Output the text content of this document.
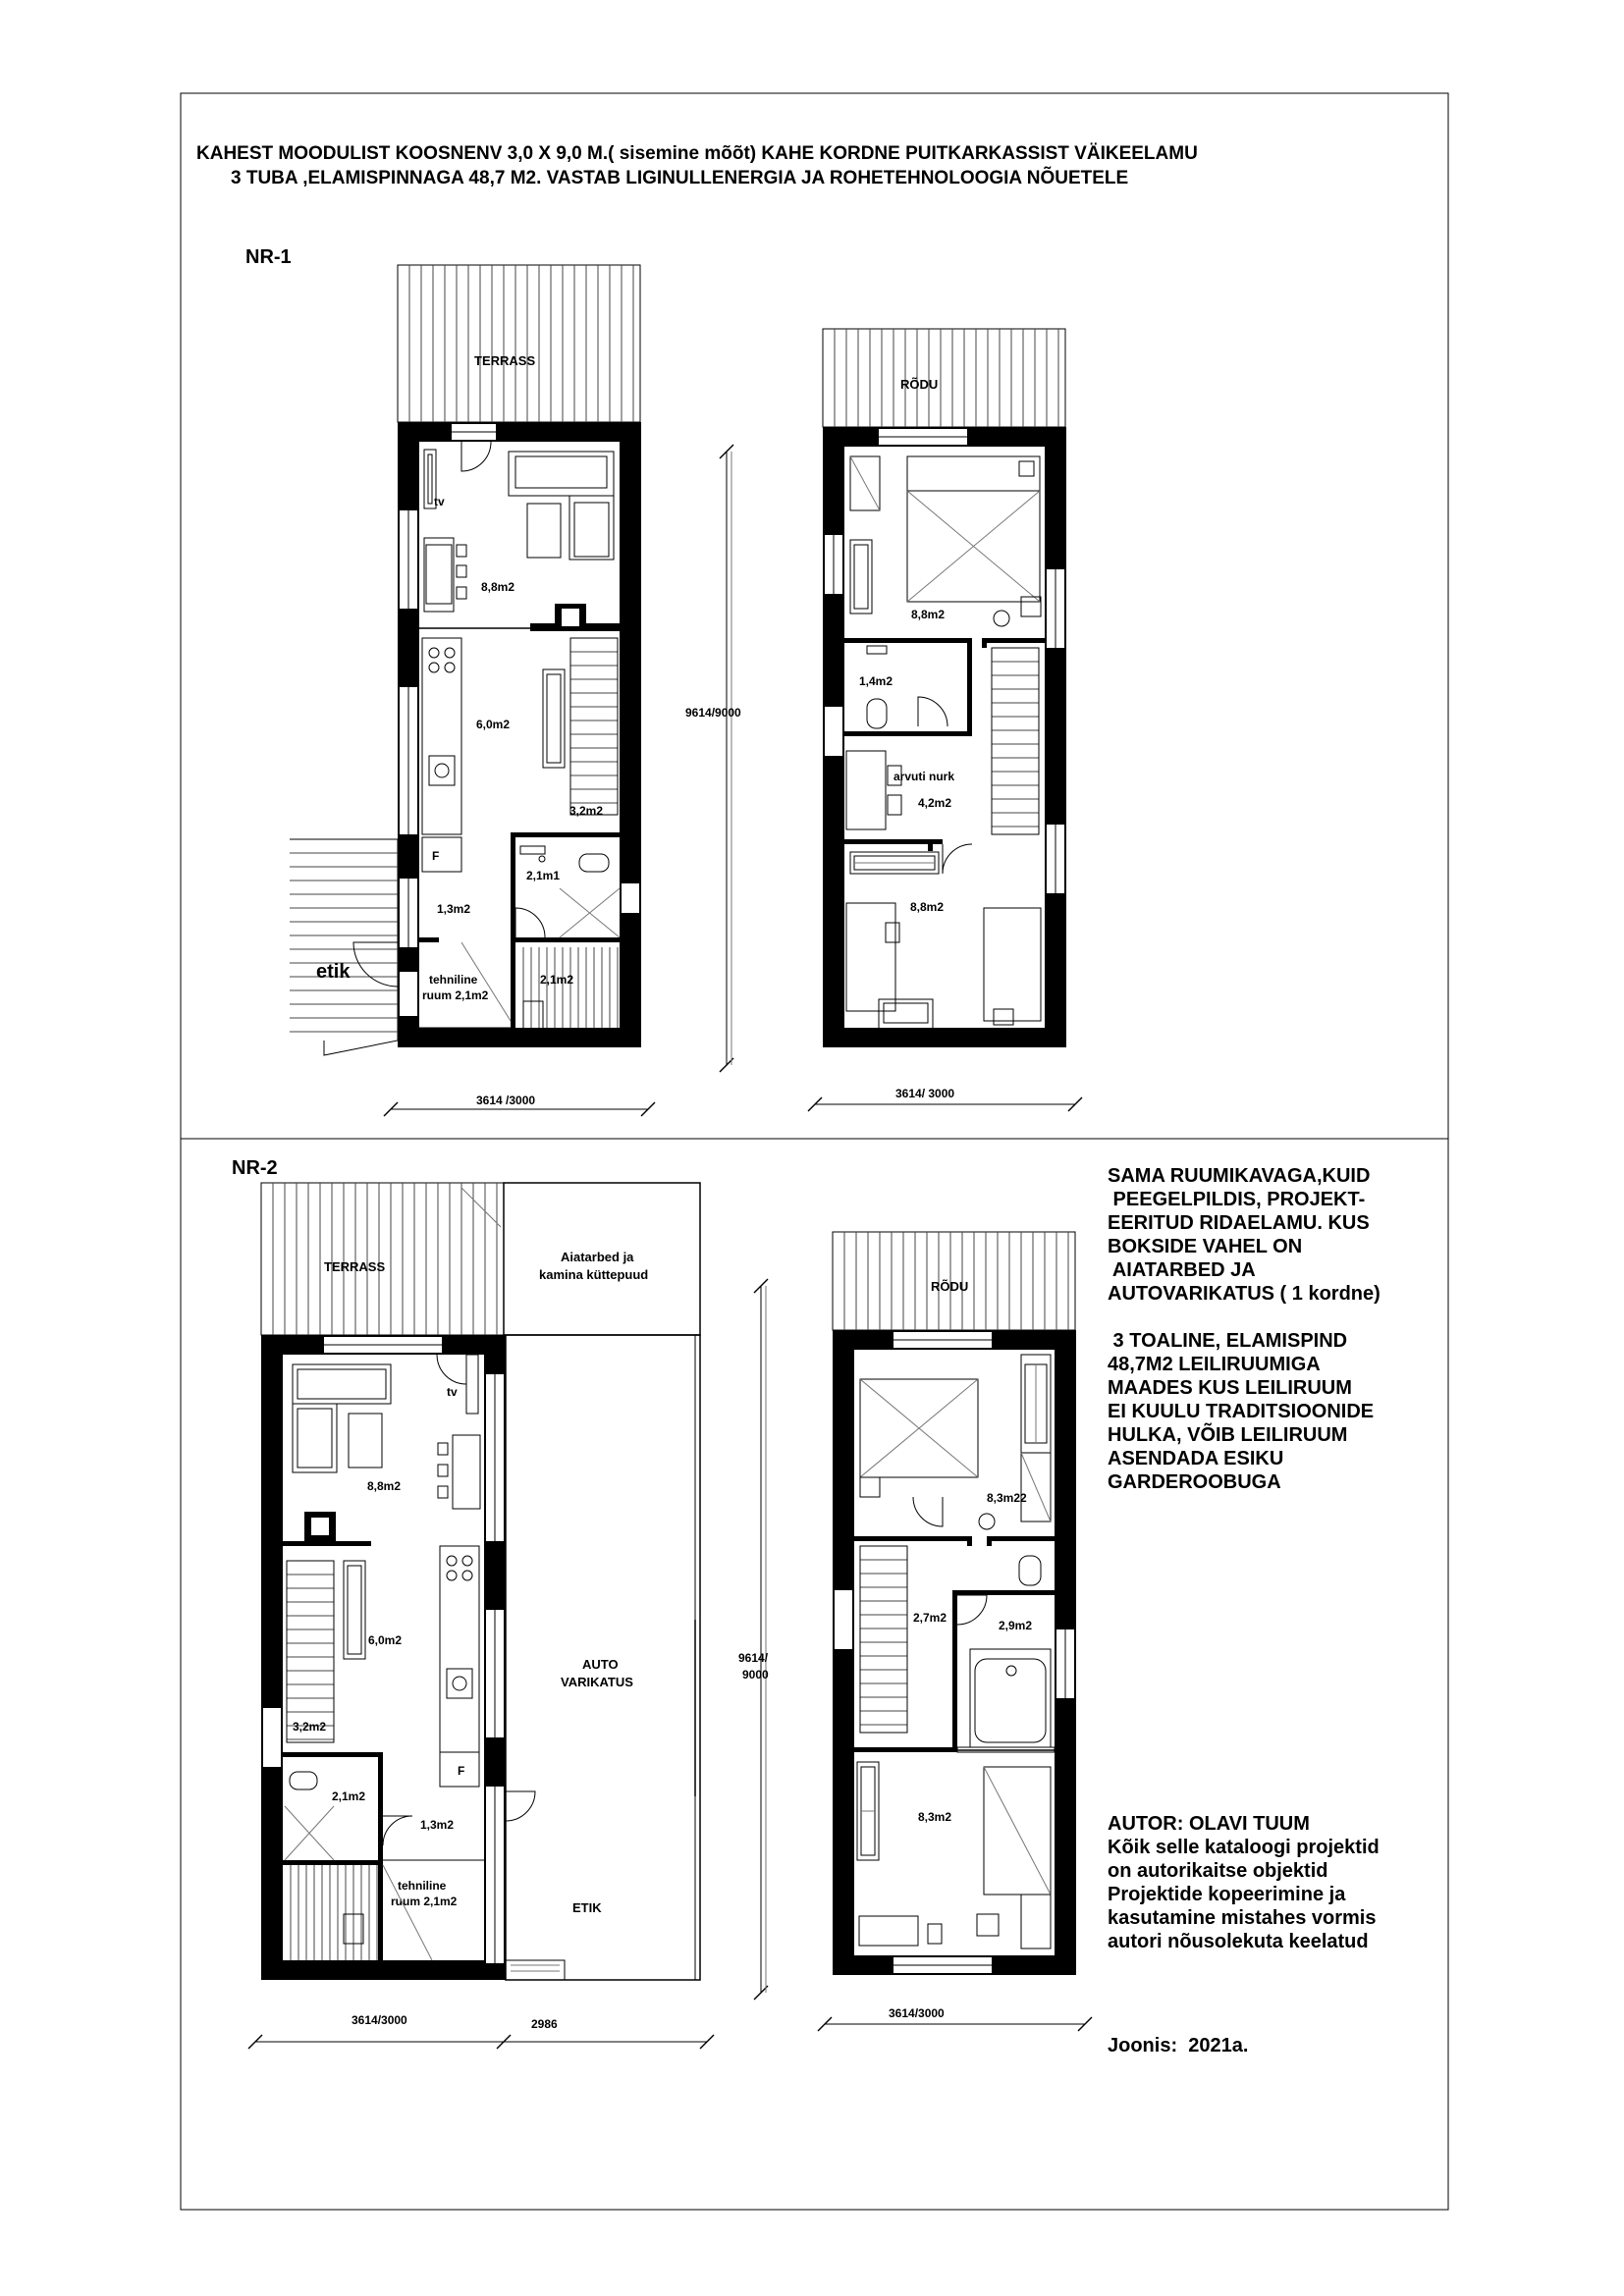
KAHEST MOODULIST KOOSNENV 3,0 X 9,0 M.( sisemine mõõt) KAHE KORDNE PUITKARKASSIST VÄIKEELAMU
3 TUBA ,ELAMISPINNAGA 48,7 M2. VASTAB LIGINULLENERGIA JA ROHETEHNOLOOGIA NÕUETELE
NR-1
TERRASS
tv
8,8m2
6,0m2
3,2m2
F
2,1m1
1,3m2
tehniline
ruum 2,1m2
2,1m2
etik
9614/9000
3614 /3000
RÕDU
8,8m2
1,4m2
arvuti nurk
4,2m2
8,8m2
3614/ 3000
NR-2
TERRASS
Aiatarbed ja
kamina küttepuud
AUTO
VARIKATUS
ETIK
tv
8,8m2
6,0m2
3,2m2
F
2,1m2
1,3m2
tehniline
ruum 2,1m2
9614/
9000
3614/3000	2986
RÕDU
8,3m22
2,9m2
2,7m2
8,3m2
3614/3000
SAMA RUUMIKAVAGA,KUID
PEEGELPILDIS, PROJEKT-
EERITUD RIDAELAMU. KUS
BOKSIDE VAHEL ON
AIATARBED JA
AUTOVARIKATUS ( 1 kordne)

3 TOALINE, ELAMISPIND
48,7M2 LEILIRUUMIGA
MAADES KUS LEILIRUUM
EI KUULU TRADITSIOONIDE
HULKA, VÕIB LEILIRUUM
ASENDADA ESIKU
GARDEROOBUGA
AUTOR: OLAVI TUUM
Kõik selle kataloogi projektid
on autorikaitse objektid
Projektide kopeerimine ja
kasutamine mistahes vormis
autori nõusolekuta keelatud
Joonis:  2021a.
